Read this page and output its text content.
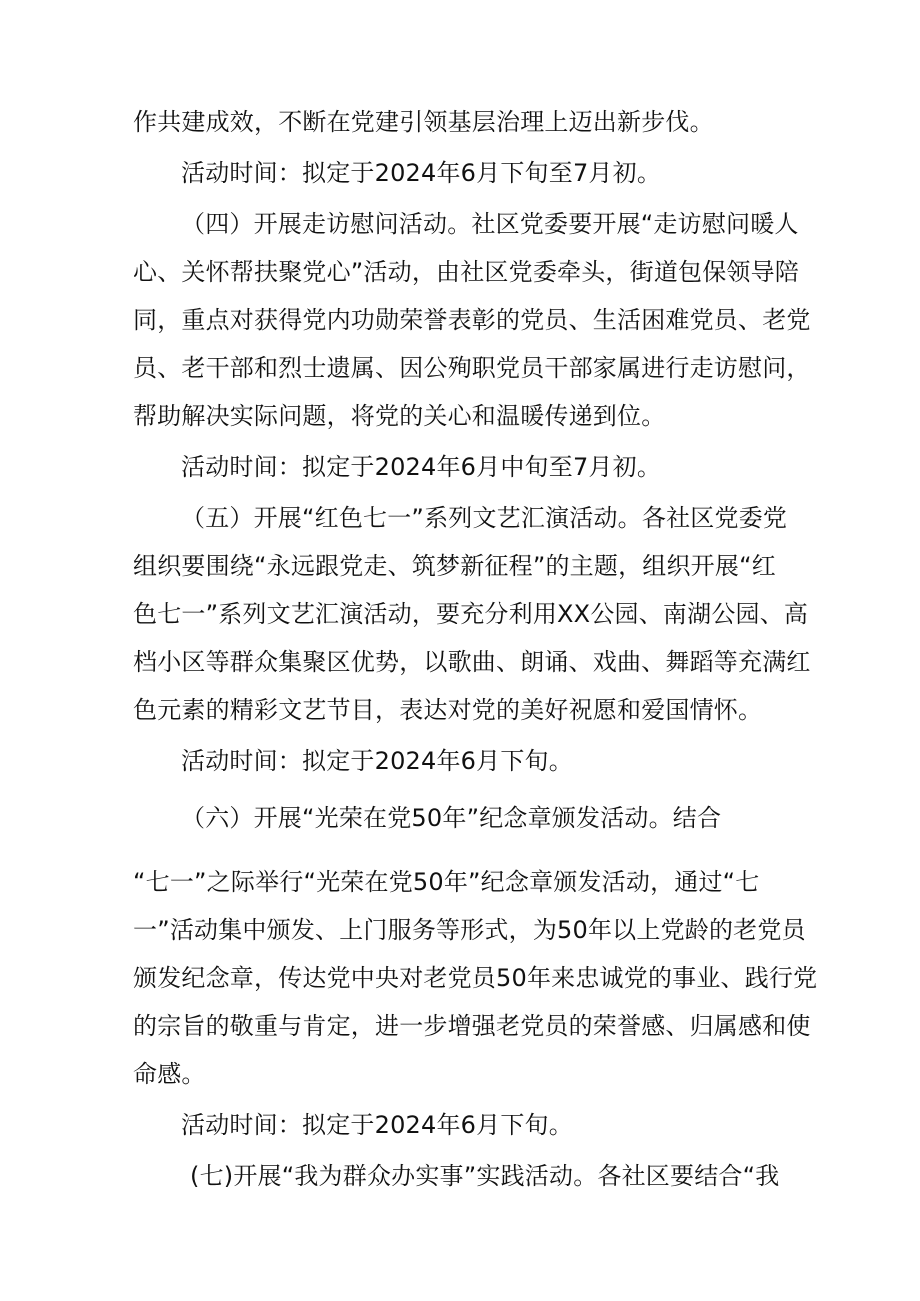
作共建成效，不断在党建引领基层治理上迈出新步伐。
活动时间：拟定于2024年6月下旬至7月初。
（四）开展走访慰问活动。社区党委要开展“走访慰问暖人
心、关怀帮扶聚党心”活动，由社区党委牵头，街道包保领导陪
同，重点对获得党内功勋荣誉表彰的党员、生活困难党员、老党
员、老干部和烈士遗属、因公殉职党员干部家属进行走访慰问，
帮助解决实际问题，将党的关心和温暖传递到位。
活动时间：拟定于2024年6月中旬至7月初。
（五）开展“红色七一”系列文艺汇演活动。各社区党委党
组织要围绕“永远跟党走、筑梦新征程”的主题，组织开展“红
色七一”系列文艺汇演活动，要充分利用XX公园、南湖公园、高
档小区等群众集聚区优势，以歌曲、朗诵、戏曲、舞蹈等充满红
色元素的精彩文艺节目，表达对党的美好祝愿和爱国情怀。
活动时间：拟定于2024年6月下旬。
（六）开展“光荣在党50年”纪念章颁发活动。结合
“七一”之际举行“光荣在党50年”纪念章颁发活动，通过“七
一”活动集中颁发、上门服务等形式，为50年以上党龄的老党员
颁发纪念章，传达党中央对老党员50年来忠诚党的事业、践行党
的宗旨的敬重与肯定，进一步增强老党员的荣誉感、归属感和使
命感。
活动时间：拟定于2024年6月下旬。
(七)开展“我为群众办实事”实践活动。各社区要结合“我
